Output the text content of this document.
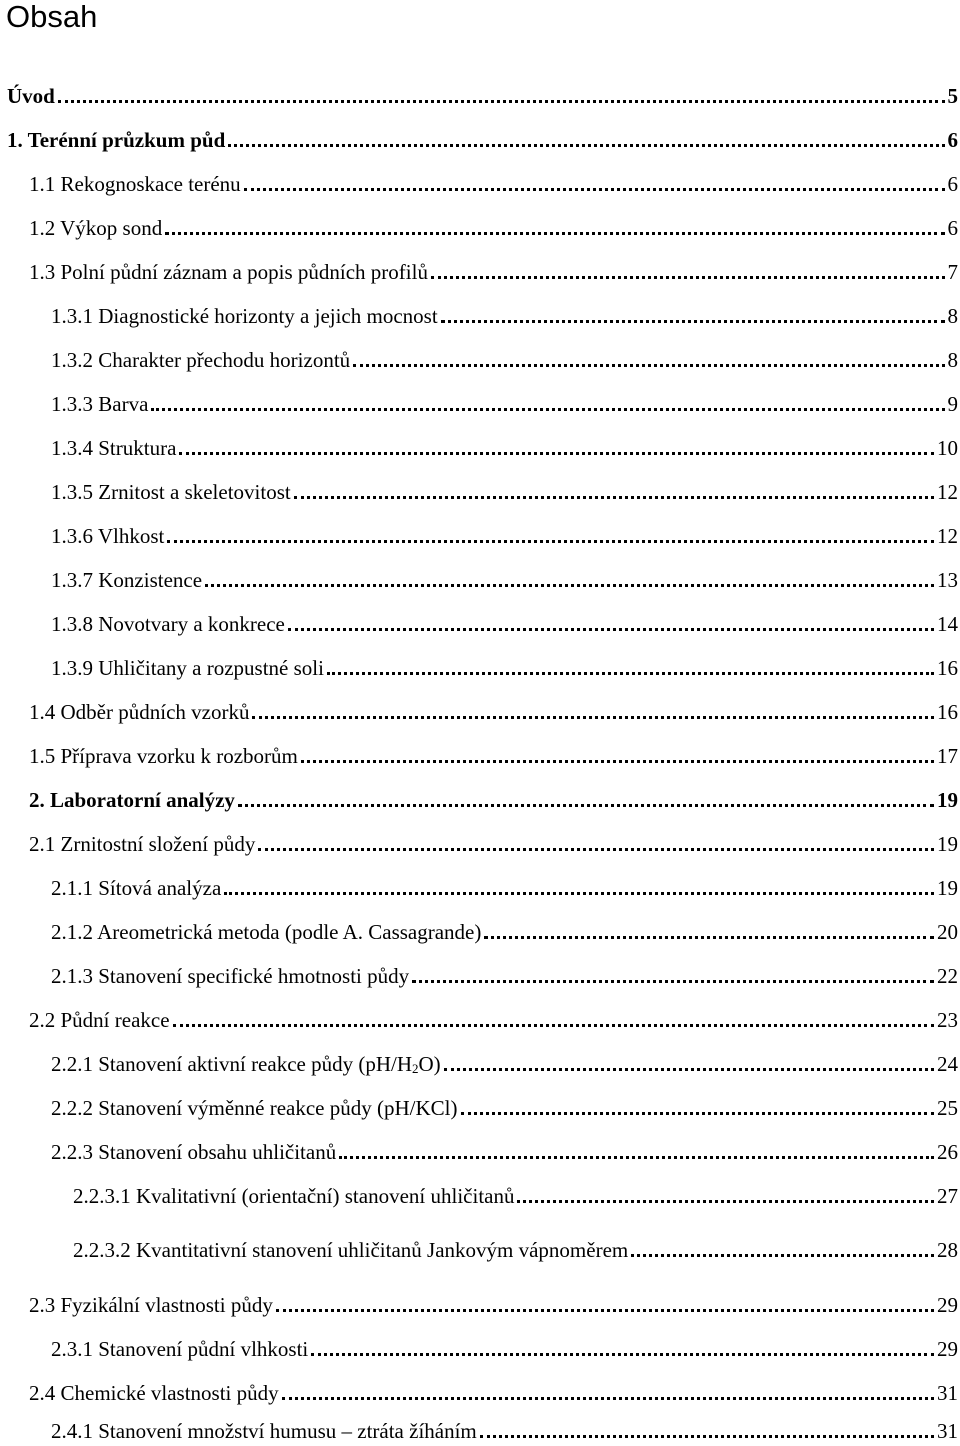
Obsah
Úvod	5
1. Terénní průzkum půd	6
1.1 Rekognoskace terénu	6
1.2 Výkop sond	6
1.3 Polní půdní záznam a popis půdních profilů	7
1.3.1 Diagnostické horizonty a jejich mocnost	8
1.3.2 Charakter přechodu horizontů	8
1.3.3 Barva	9
1.3.4 Struktura	10
1.3.5 Zrnitost a skeletovitost	12
1.3.6 Vlhkost	12
1.3.7 Konzistence	13
1.3.8 Novotvary a konkrece	14
1.3.9 Uhličitany a rozpustné soli	16
1.4 Odběr půdních vzorků	16
1.5 Příprava vzorku k rozborům	17
2. Laboratorní analýzy	19
2.1 Zrnitostní složení půdy	19
2.1.1 Sítová analýza	19
2.1.2 Areometrická metoda (podle A. Cassagrande)	20
2.1.3 Stanovení specifické hmotnosti půdy	22
2.2 Půdní reakce	23
2.2.1 Stanovení aktivní reakce půdy (pH/H2O)	24
2.2.2 Stanovení výměnné reakce půdy (pH/KCl)	25
2.2.3 Stanovení obsahu uhličitanů	26
2.2.3.1 Kvalitativní (orientační) stanovení uhličitanů	27
2.2.3.2 Kvantitativní stanovení uhličitanů Jankovým vápnoměrem	28
2.3 Fyzikální vlastnosti půdy	29
2.3.1 Stanovení půdní vlhkosti	29
2.4 Chemické vlastnosti půdy	31
2.4.1 Stanovení množství humusu – ztráta žíháním	31
